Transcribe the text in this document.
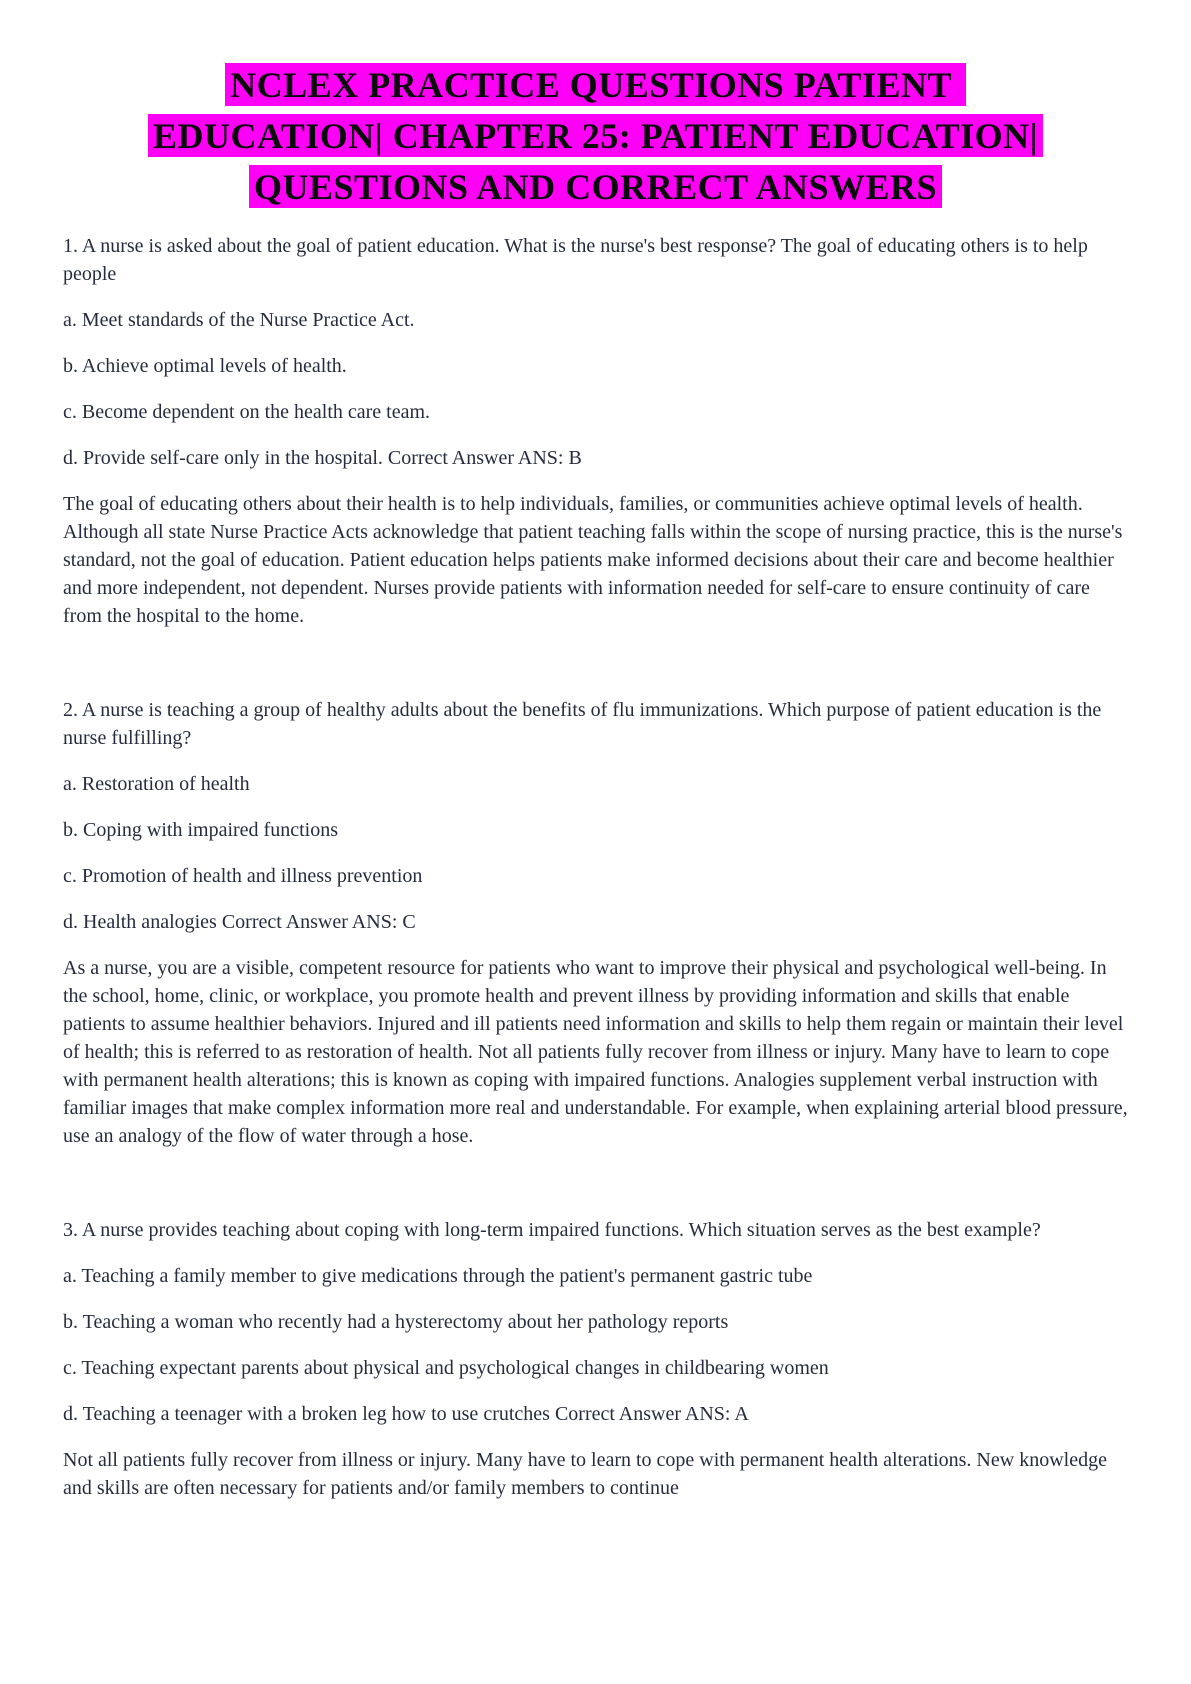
NCLEX PRACTICE QUESTIONS PATIENT
EDUCATION| CHAPTER 25: PATIENT EDUCATION|
QUESTIONS AND CORRECT ANSWERS

1. A nurse is asked about the goal of patient education. What is the nurse's best response? The goal of educating others is to help people

a. Meet standards of the Nurse Practice Act.

b. Achieve optimal levels of health.

c. Become dependent on the health care team.

d. Provide self-care only in the hospital. Correct Answer ANS: B

The goal of educating others about their health is to help individuals, families, or communities achieve optimal levels of health. Although all state Nurse Practice Acts acknowledge that patient teaching falls within the scope of nursing practice, this is the nurse's standard, not the goal of education. Patient education helps patients make informed decisions about their care and become healthier and more independent, not dependent. Nurses provide patients with information needed for self-care to ensure continuity of care from the hospital to the home.

2. A nurse is teaching a group of healthy adults about the benefits of flu immunizations. Which purpose of patient education is the nurse fulfilling?

a. Restoration of health

b. Coping with impaired functions

c. Promotion of health and illness prevention

d. Health analogies Correct Answer ANS: C

As a nurse, you are a visible, competent resource for patients who want to improve their physical and psychological well-being. In the school, home, clinic, or workplace, you promote health and prevent illness by providing information and skills that enable patients to assume healthier behaviors. Injured and ill patients need information and skills to help them regain or maintain their level of health; this is referred to as restoration of health. Not all patients fully recover from illness or injury. Many have to learn to cope with permanent health alterations; this is known as coping with impaired functions. Analogies supplement verbal instruction with familiar images that make complex information more real and understandable. For example, when explaining arterial blood pressure, use an analogy of the flow of water through a hose.

3. A nurse provides teaching about coping with long-term impaired functions. Which situation serves as the best example?

a. Teaching a family member to give medications through the patient's permanent gastric tube

b. Teaching a woman who recently had a hysterectomy about her pathology reports

c. Teaching expectant parents about physical and psychological changes in childbearing women

d. Teaching a teenager with a broken leg how to use crutches Correct Answer ANS: A

Not all patients fully recover from illness or injury. Many have to learn to cope with permanent health alterations. New knowledge and skills are often necessary for patients and/or family members to continue
